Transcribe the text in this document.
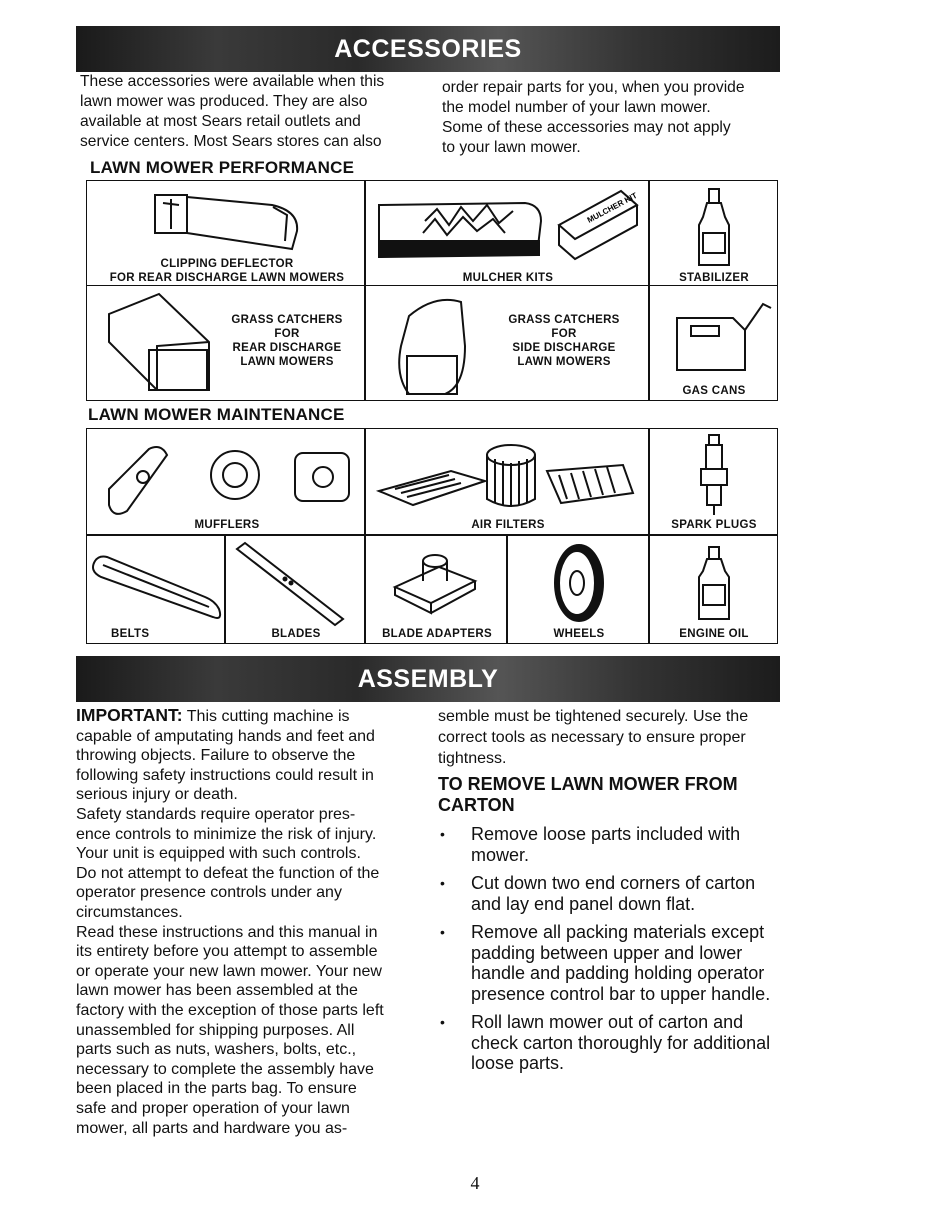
ACCESSORIES

These accessories were available when this

lawn mower was produced. They are also

available at most Sears retail outlets and

service centers. Most Sears stores can also

order repair parts for you, when you provide

the model number of your lawn mower.

Some of these accessories may not apply

to your lawn mower.

LAWN MOWER PERFORMANCE

CLIPPING DEFLECTOR
FOR REAR DISCHARGE LAWN MOWERS
MULCHER KIT
MULCHER KITS	STABILIZER
GRASS CATCHERS
FOR
REAR DISCHARGE
LAWN MOWERS
GRASS CATCHERS
FOR
SIDE DISCHARGE
LAWN MOWERS
GAS CANS

LAWN MOWER MAINTENANCE

MUFFLERS	AIR FILTERS	SPARK PLUGS
BELTS	BLADES	BLADE ADAPTERS	WHEELS	ENGINE OIL
ASSEMBLY
IMPORTANT: This cutting machine is

capable of amputating hands and feet and

throwing objects. Failure to observe the

following safety instructions could result in

serious injury or death.

Safety standards require operator pres-

ence controls to minimize the risk of injury.

Your unit is equipped with such controls.

Do not attempt to defeat the function of the

operator presence controls under any

circumstances.

Read these instructions and this manual in

its entirety before you attempt to assemble

or operate your new lawn mower. Your new

lawn mower has been assembled at the

factory with the exception of those parts left

unassembled for shipping purposes. All

parts such as nuts, washers, bolts, etc.,

necessary to complete the assembly have

been placed in the parts bag. To ensure

safe and proper operation of your lawn

mower, all parts and hardware you as-

semble must be tightened securely. Use the

correct tools as necessary to ensure proper

tightness.

TO REMOVE LAWN MOWER FROM
CARTON
• Remove loose parts included with
mower.
• Cut down two end corners of carton
and lay end panel down flat.
• Remove all packing materials except
padding between upper and lower
handle and padding holding operator
presence control bar to upper handle.
• Roll lawn mower out of carton and
check carton thoroughly for additional
loose parts.
4
